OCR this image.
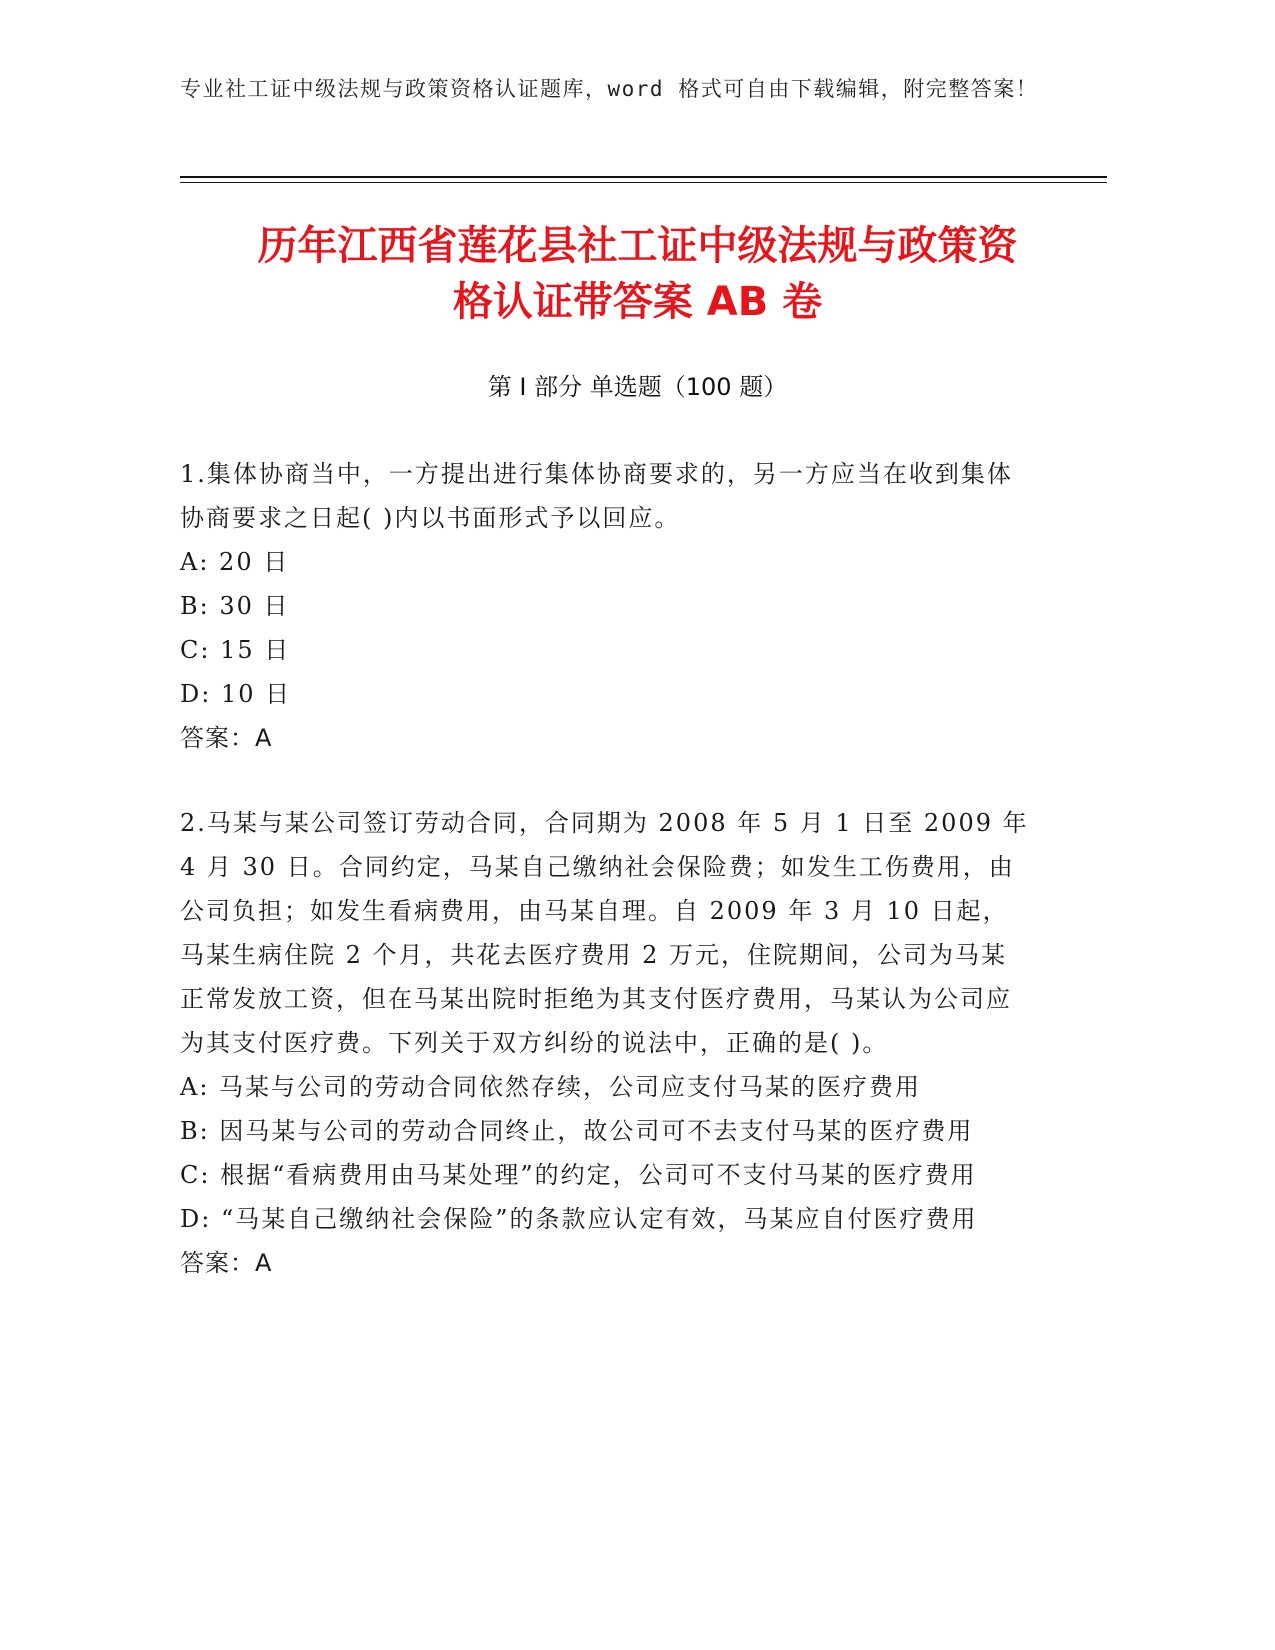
专业社工证中级法规与政策资格认证题库，word 格式可自由下载编辑，附完整答案！
历年江西省莲花县社工证中级法规与政策资
格认证带答案 AB 卷
第 I 部分 单选题（100 题）

1.集体协商当中，一方提出进行集体协商要求的，另一方应当在收到集体协商要求之日起( )内以书面形式予以回应。

A: 20 日

B: 30 日

C: 15 日

D: 10 日

答案：A

2.马某与某公司签订劳动合同，合同期为 2008 年 5 月 1 日至 2009 年 4 月 30 日。合同约定，马某自己缴纳社会保险费；如发生工伤费用，由公司负担；如发生看病费用，由马某自理。自 2009 年 3 月 10 日起，马某生病住院 2 个月，共花去医疗费用 2 万元，住院期间，公司为马某正常发放工资，但在马某出院时拒绝为其支付医疗费用，马某认为公司应为其支付医疗费。下列关于双方纠纷的说法中，正确的是( )。

A: 马某与公司的劳动合同依然存续，公司应支付马某的医疗费用

B: 因马某与公司的劳动合同终止，故公司可不去支付马某的医疗费用

C: 根据“看病费用由马某处理”的约定，公司可不支付马某的医疗费用

D: “马某自己缴纳社会保险”的条款应认定有效，马某应自付医疗费用

答案：A
